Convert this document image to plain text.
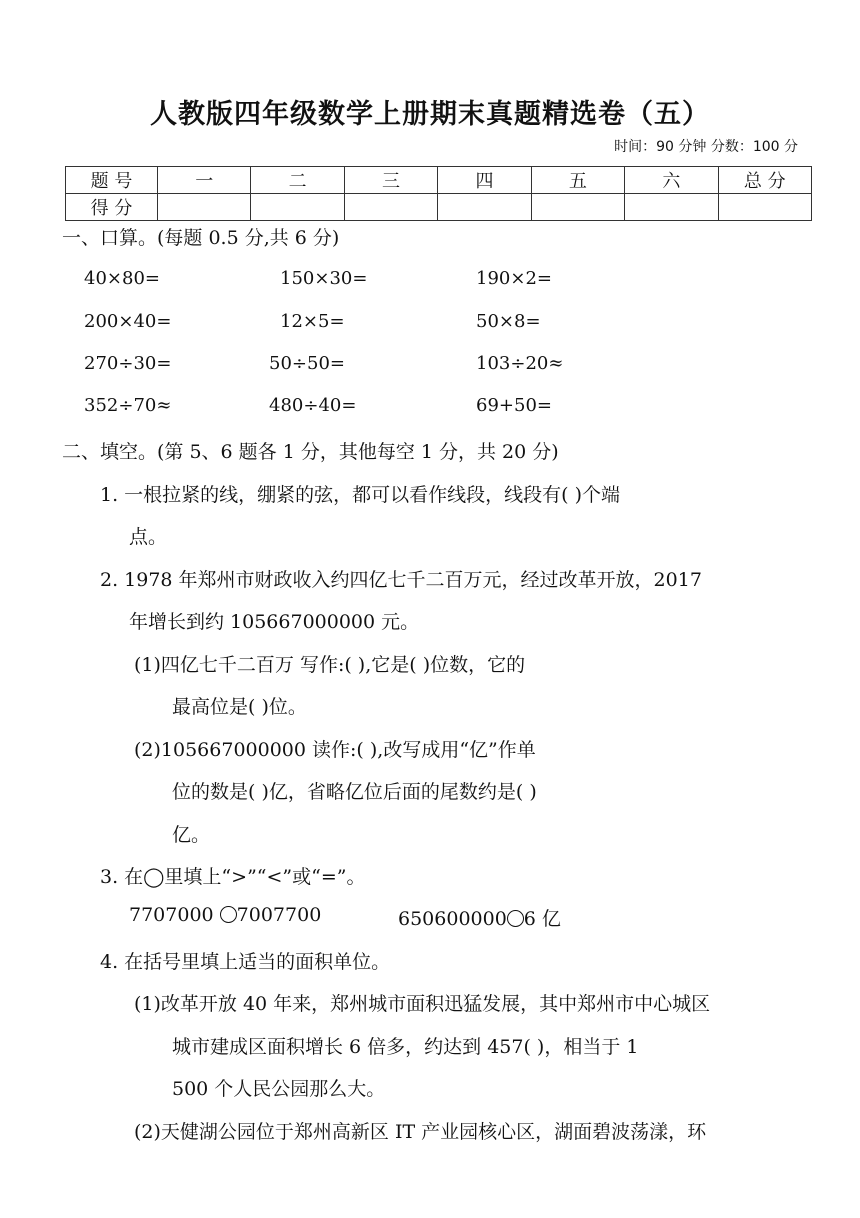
人教版四年级数学上册期末真题精选卷（五）
时间：90 分钟 分数：100 分
题 号	一	二	三	四	五	六	总 分
得 分							
一、口算。(每题 0.5 分,共 6 分)
40×80=	150×30=	190×2=
200×40=	12×5=	50×8=
270÷30=	50÷50=	103÷20≈
352÷70≈	480÷40=	69+50=
二、填空。(第 5、6 题各 1 分，其他每空 1 分，共 20 分)
1. 一根拉紧的线，绷紧的弦，都可以看作线段，线段有( )个端
点。
2. 1978 年郑州市财政收入约四亿七千二百万元，经过改革开放，2017
年增长到约 105667000000 元。
(1)四亿七千二百万 写作:( ),它是( )位数，它的
最高位是( )位。
(2)105667000000 读作:( ),改写成用“亿”作单
位的数是( )亿，省略亿位后面的尾数约是( )
亿。
3. 在◯里填上“>”“<”或“=”。
7707000 7007700	650600000 6 亿
4. 在括号里填上适当的面积单位。
(1)改革开放 40 年来，郑州城市面积迅猛发展，其中郑州市中心城区
城市建成区面积增长 6 倍多，约达到 457( )，相当于 1
500 个人民公园那么大。
(2)天健湖公园位于郑州高新区 IT 产业园核心区，湖面碧波荡漾，环
